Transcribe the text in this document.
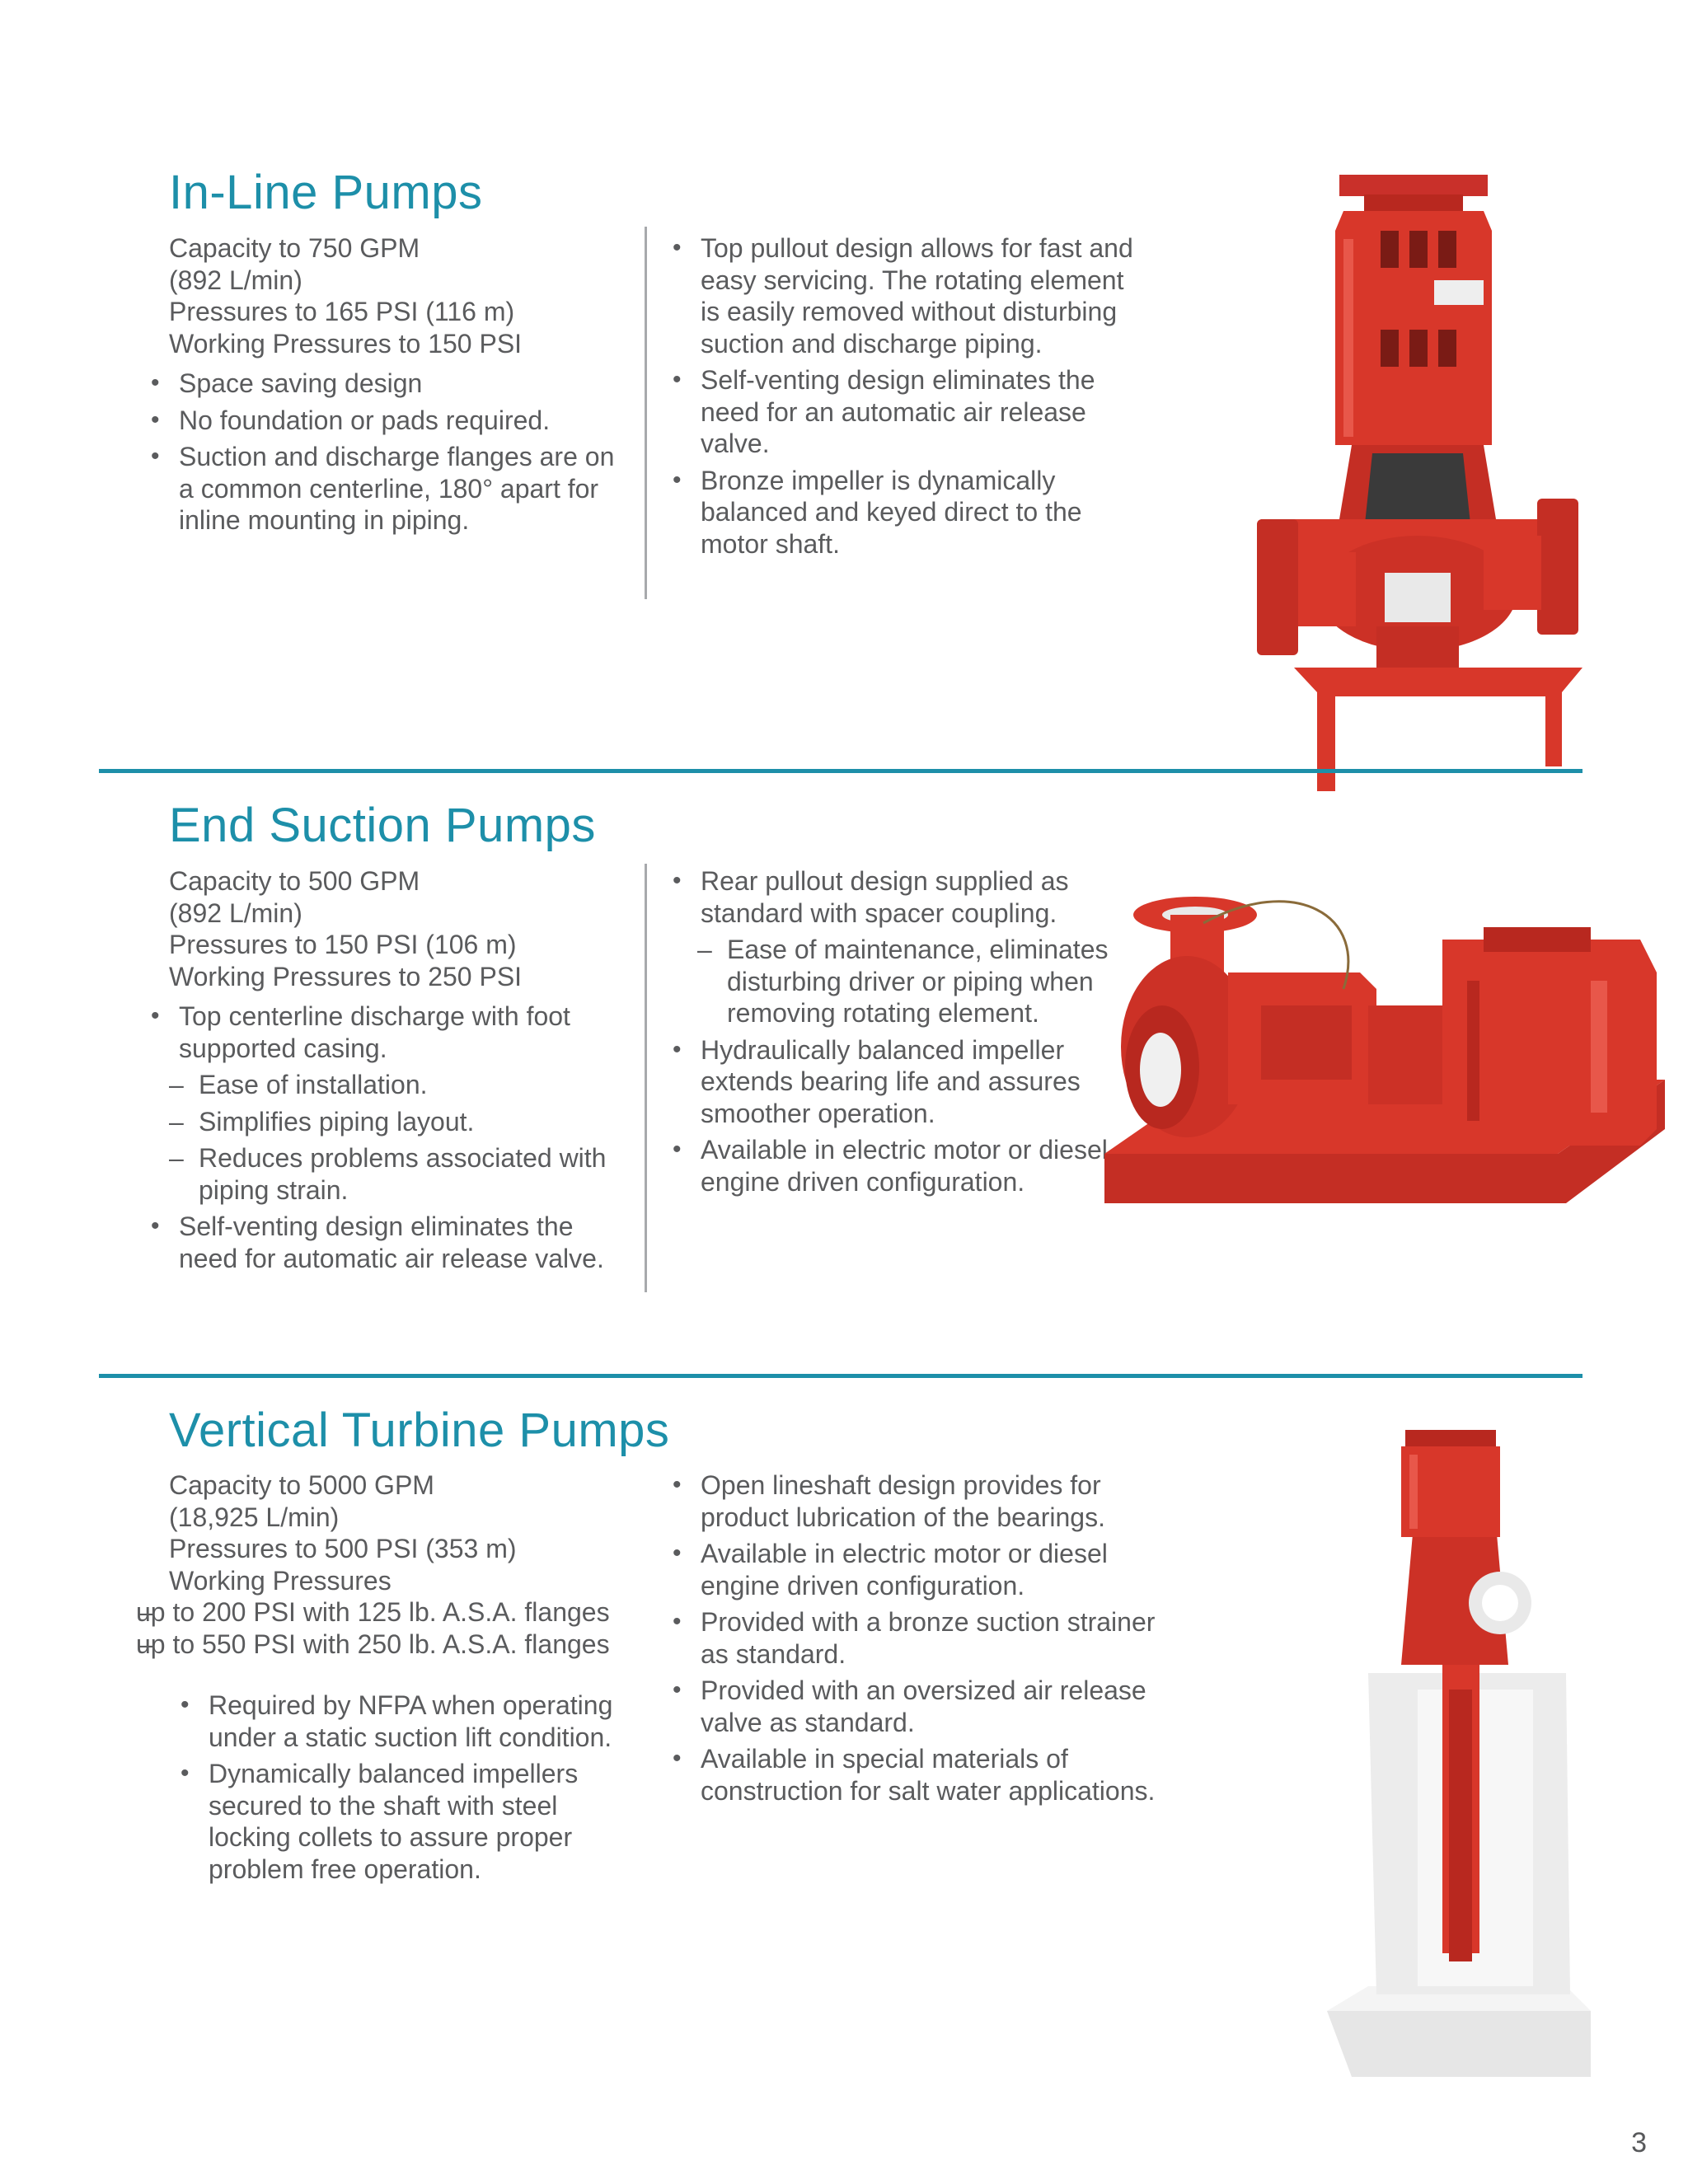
In-Line Pumps

Capacity to 750 GPM

(892 L/min)

Pressures to 165 PSI (116 m)

Working Pressures to 150 PSI

• Space saving design
• No foundation or pads required.
• Suction and discharge flanges are on a common centerline, 180° apart for inline mounting in piping.
• Top pullout design allows for fast and easy servicing. The rotating element is easily removed without disturbing suction and discharge piping.
• Self-venting design eliminates the need for an automatic air release valve.
• Bronze impeller is dynamically balanced and keyed direct to the motor shaft.
End Suction Pumps

Capacity to 500 GPM

(892 L/min)

Pressures to 150 PSI (106 m)

Working Pressures to 250 PSI

• Top centerline discharge with foot supported casing.
– Ease of installation.
– Simplifies piping layout.
– Reduces problems associated with piping strain.
• Self-venting design eliminates the need for automatic air release valve.
• Rear pullout design supplied as standard with spacer coupling.
– Ease of maintenance, eliminates disturbing driver or piping when removing rotating element.
• Hydraulically balanced impeller extends bearing life and assures smoother operation.
• Available in electric motor or diesel engine driven configuration.
Vertical Turbine Pumps

Capacity to 5000 GPM

(18,925 L/min)

Pressures to 500 PSI (353 m)

Working Pressures

– up to 200 PSI with 125 lb. A.S.A. flanges
– up to 550 PSI with 250 lb. A.S.A. flanges
• Required by NFPA when operating under a static suction lift condition.
• Dynamically balanced impellers secured to the shaft with steel locking collets to assure proper problem free operation.
• Open lineshaft design provides for product lubrication of the bearings.
• Available in electric motor or diesel engine driven configuration.
• Provided with a bronze suction strainer as standard.
• Provided with an oversized air release valve as standard.
• Available in special materials of construction for salt water applications.
3
